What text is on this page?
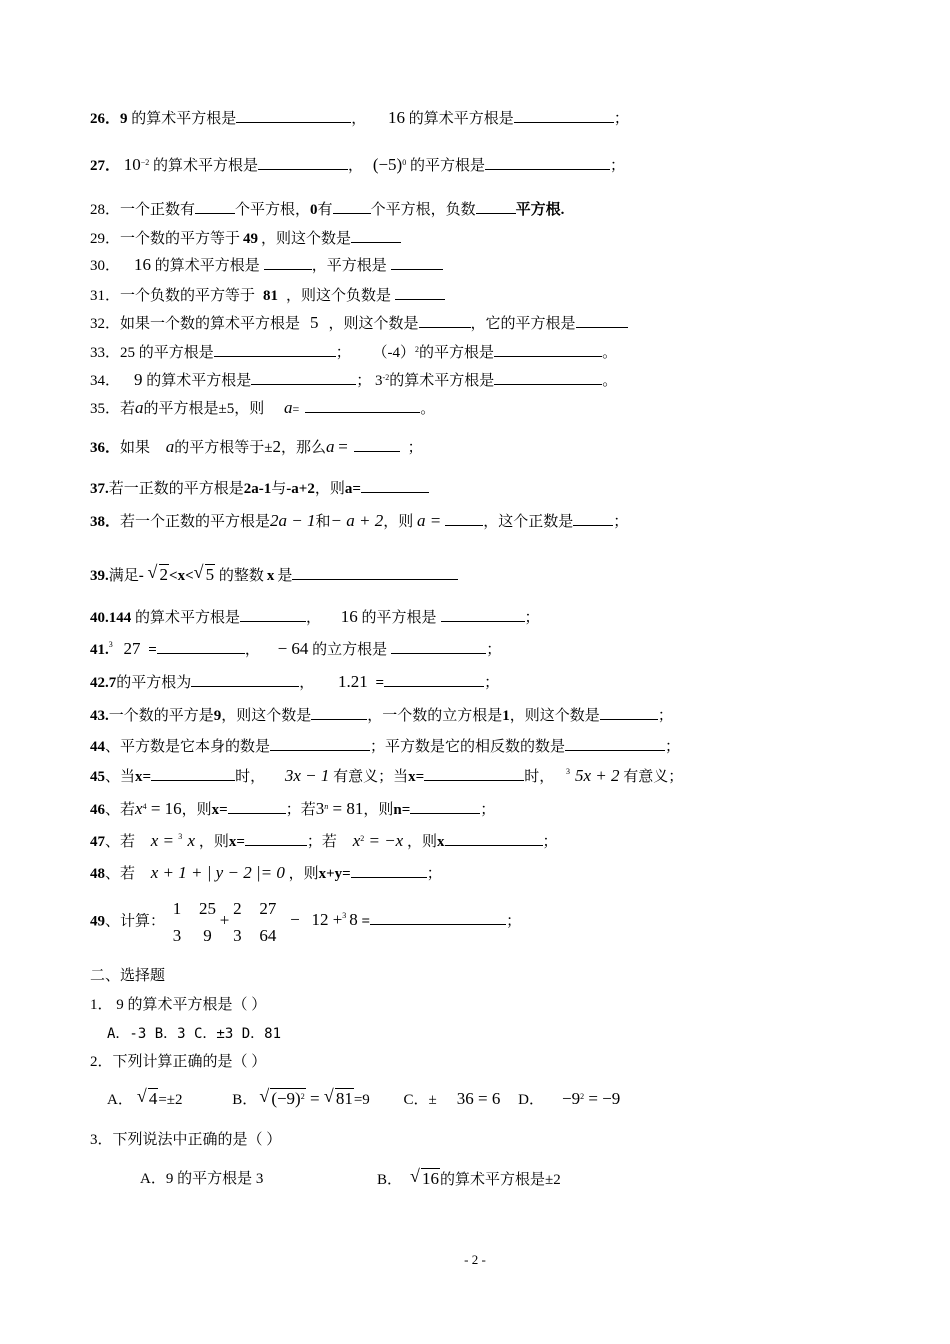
26．9 的算术平方根是	， 16 的算术平方根是	；
27． $10^{-2}$ 的算术平方根是	， $(-5)^0$ 的平方根是	；
28．一个正数有	个平方根，0有	个平方根，负数	平方根.
29．一个数的平方等于 49 ，则这个数是
30． 16 的算术平方根是	，平方根是
31．一个负数的平方等于 81 ，则这个负数是
32．如果一个数的算术平方根是 5 ，则这个数是	，它的平方根是
33．25 的平方根是	； $(-4)^2$的平方根是	。
34． 9 的算术平方根是	； $3^{-2}$的算术平方根是	。
35．若a的平方根是±5，则 a=	。
36．如果 a的平方根等于±2，那么a =	；
37.若一正数的平方根是2a-1与-a+2，则a=
38．若一个正数的平方根是2a − 1和− a + 2，则 a =	，这个正数是	；
39.满足- √ 2<x< √ 5 的整数 x 是
40.144 的算术平方根是	， 16 的平方根是	；
41.$^3$ 27 =	， − 64 的立方根是	；
42.7的平方根为	， 1.21 =	；
43.一个数的平方是9，则这个数是	，一个数的立方根是1，则这个数是	；
44、平方数是它本身的数是	；平方数是它的相反数的数是	；
45、当x=	时， 3x − 1 有意义；当x=	时， $^3$ 5x + 2 有意义；
46、若$x^4 = 16$，则x=	；若$3^n = 81$，则n=	；
47、若 x = $^3$ x ，则x=	；若 $x^2 = -x$ ，则x	；
48、若 x + 1 + | y − 2 |= 0 ，则x+y=	；
49、计算： 1
3 25
9 + 2
3 27
64 − 12 +$^3$ 8 =	；
二、选择题
1． 9 的算术平方根是（ ）
A．-3 B．3 C．±3 D．81
2．下列计算正确的是（ ）
A． √ 4=±2	B． √ $(-9)^2$ = √ 81=9 C．± 36 = 6 D． $-9^2 = -9$
3．下列说法中正确的是（ ）
A．9 的平方根是 3	B． √ 16的算术平方根是±2
- 2 -
